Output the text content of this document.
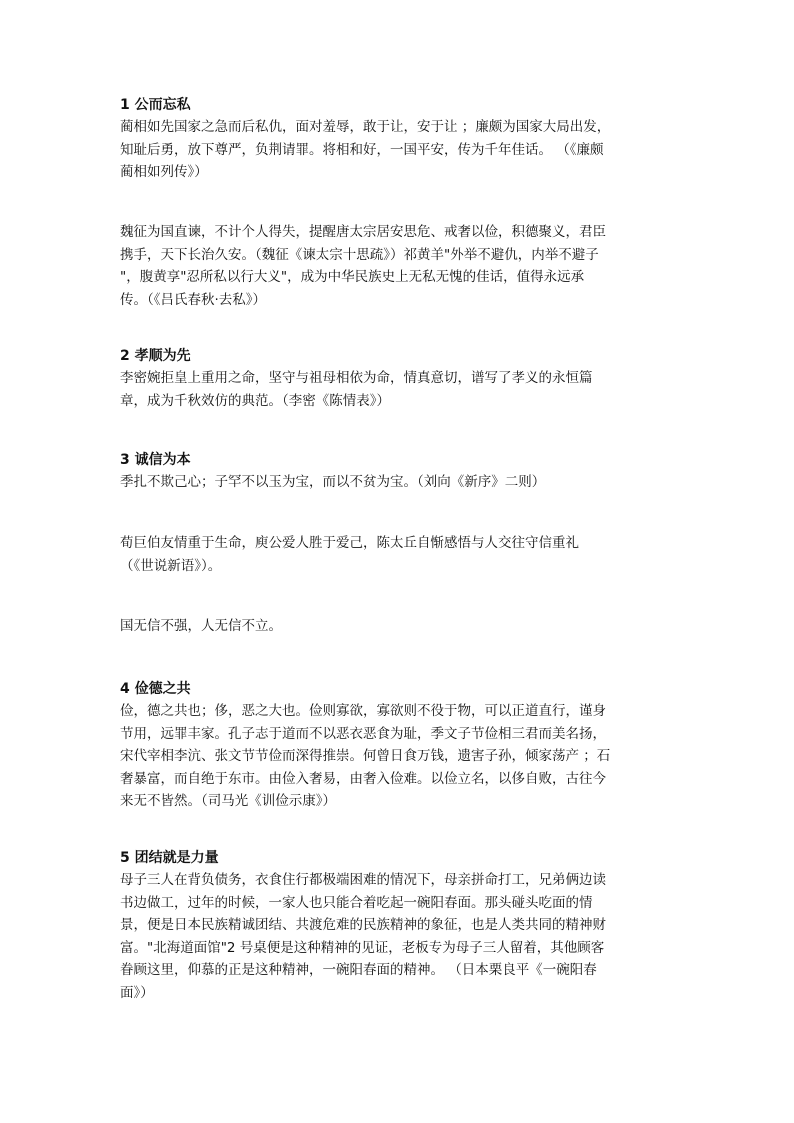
1 公而忘私
蔺相如先国家之急而后私仇，面对羞辱，敢于让，安于让 ；廉颇为国家大局出发，
知耻后勇，放下尊严，负荆请罪。将相和好，一国平安，传为千年佳话。 （《廉颇
蔺相如列传》）
魏征为国直谏，不计个人得失，提醒唐太宗居安思危、戒奢以俭，积德聚义，君臣
携手，天下长治久安。（魏征《谏太宗十思疏》）祁黄羊"外举不避仇，内举不避子
"，腹黄享"忍所私以行大义"，成为中华民族史上无私无愧的佳话，值得永远承
传。（《吕氏春秋·去私》）
2 孝顺为先
李密婉拒皇上重用之命，坚守与祖母相依为命，情真意切，谱写了孝义的永恒篇
章，成为千秋效仿的典范。（李密《陈情表》）
3 诚信为本
季扎不欺己心；子罕不以玉为宝，而以不贫为宝。（刘向《新序》二则）
荀巨伯友情重于生命，庾公爱人胜于爱己，陈太丘自惭感悟与人交往守信重礼
（《世说新语》）。
国无信不强，人无信不立。
4 俭德之共
俭，德之共也；侈，恶之大也。俭则寡欲，寡欲则不役于物，可以正道直行，谨身
节用，远罪丰家。孔子志于道而不以恶衣恶食为耻，季文子节俭相三君而美名扬，
宋代宰相李沆、张文节节俭而深得推崇。何曾日食万钱，遗害子孙，倾家荡产 ；石
奢暴富，而自绝于东市。由俭入奢易，由奢入俭难。以俭立名，以侈自败，古往今
来无不皆然。（司马光《训俭示康》）
5 团结就是力量
母子三人在背负债务，衣食住行都极端困难的情况下，母亲拼命打工，兄弟俩边读
书边做工，过年的时候，一家人也只能合着吃起一碗阳春面。那头碰头吃面的情
景，便是日本民族精诚团结、共渡危难的民族精神的象征，也是人类共同的精神财
富。"北海道面馆"2 号桌便是这种精神的见证，老板专为母子三人留着，其他顾客
眷顾这里，仰慕的正是这种精神，一碗阳春面的精神。 （日本栗良平《一碗阳春
面》）
